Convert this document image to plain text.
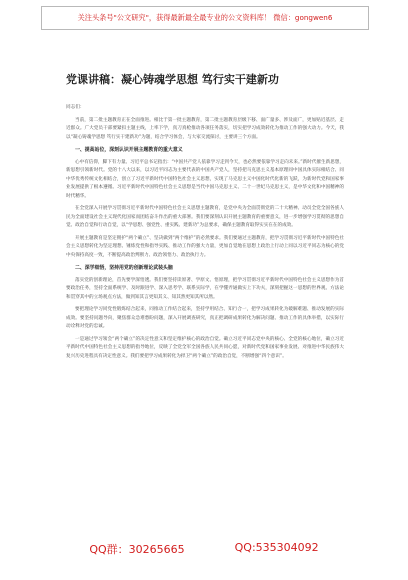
关注头条号"公文研究"，获得最新最全最专业的公文资料库！ 微信：gongwen6
党课讲稿：凝心铸魂学思想 笃行实干建新功
同志们：
当前，第二批主题教育正在全面推进。相比于第一批主题教育，第二批主题教育层级下移、面广量多、涉及面广，更加贴近基层、走近群众。广大党员干部要紧扣主题主线，上率下学，真刀真枪推动各项任务落实，切实把学习成效转化为推动工作的强大动力。今天，我以“凝心铸魂学思想 笃行实干建新功”为题，结合学习体会，与大家交流探讨，主要讲三个方面。
一、提高站位，深刻认识开展主题教育的重大意义
心中有信仰，脚下有力量。习近平总书记指出：“中国共产党人依靠学习走到今天，也必然要依靠学习走向未来。”新时代催生新思想，新思想引领新时代。党的十八大以来，以习近平同志为主要代表的中国共产党人，坚持把马克思主义基本原理同中国具体实际相结合、同中华优秀传统文化相结合，创立了习近平新时代中国特色社会主义思想，实现了马克思主义中国化时代化新的飞跃，为新时代党和国家事业发展提供了根本遵循。习近平新时代中国特色社会主义思想是当代中国马克思主义、二十一世纪马克思主义，是中华文化和中国精神的时代精华。
在全党深入开展学习贯彻习近平新时代中国特色社会主义思想主题教育，是党中央为全面贯彻党的二十大精神、动员全党全国各族人民为全面建设社会主义现代化国家而团结奋斗作出的重大部署。我们要深刻认识开展主题教育的重要意义，进一步增强学习贯彻的思想自觉、政治自觉和行动自觉，以“学思想、强党性、重实践、建新功”为总要求，确保主题教育取得实实在在的成效。
开展主题教育是坚定拥护“两个确立”、坚决做到“两个维护”的必然要求。我们要通过主题教育，把学习贯彻习近平新时代中国特色社会主义思想转化为坚定理想、锤炼党性和指导实践、推动工作的强大力量，更加自觉地在思想上政治上行动上同以习近平同志为核心的党中央保持高度一致，不断提高政治判断力、政治领悟力、政治执行力。
二、深学细悟，坚持用党的创新理论武装头脑
落实党的创新理论，首先要学深悟透。我们要坚持读原著、学原文、悟原理，把学习贯彻习近平新时代中国特色社会主义思想作为首要政治任务，坚持全面系统学、及时跟进学、深入思考学、联系实际学，在学懂弄通做实上下功夫，深刻把握这一思想的世界观、方法论和贯穿其中的立场观点方法，做到知其言更知其义、知其然更知其所以然。
要把理论学习同党性锻炼结合起来，同推动工作结合起来，坚持学用结合、知行合一，把学习成果转化为破解难题、推动发展的实际成效。要坚持问题导向，聚焦群众急难愁盼问题，深入开展调查研究，真正把调研成果转化为解决问题、推动工作的具体举措，以实际行动诠释对党的忠诚。
一是通过学习领会“两个确立”的决定性意义和坚定维护核心的政治自觉。确立习近平同志党中央的核心、全党的核心地位，确立习近平新时代中国特色社会主义思想的指导地位，反映了全党全军全国各族人民共同心愿，对新时代党和国家事业发展、对推进中华民族伟大复兴历史进程具有决定性意义。我们要把学习成果转化为捍卫“两个确立”的政治自觉，不断增强“四个意识”。
QQ群：30265665	QQ:535304092
